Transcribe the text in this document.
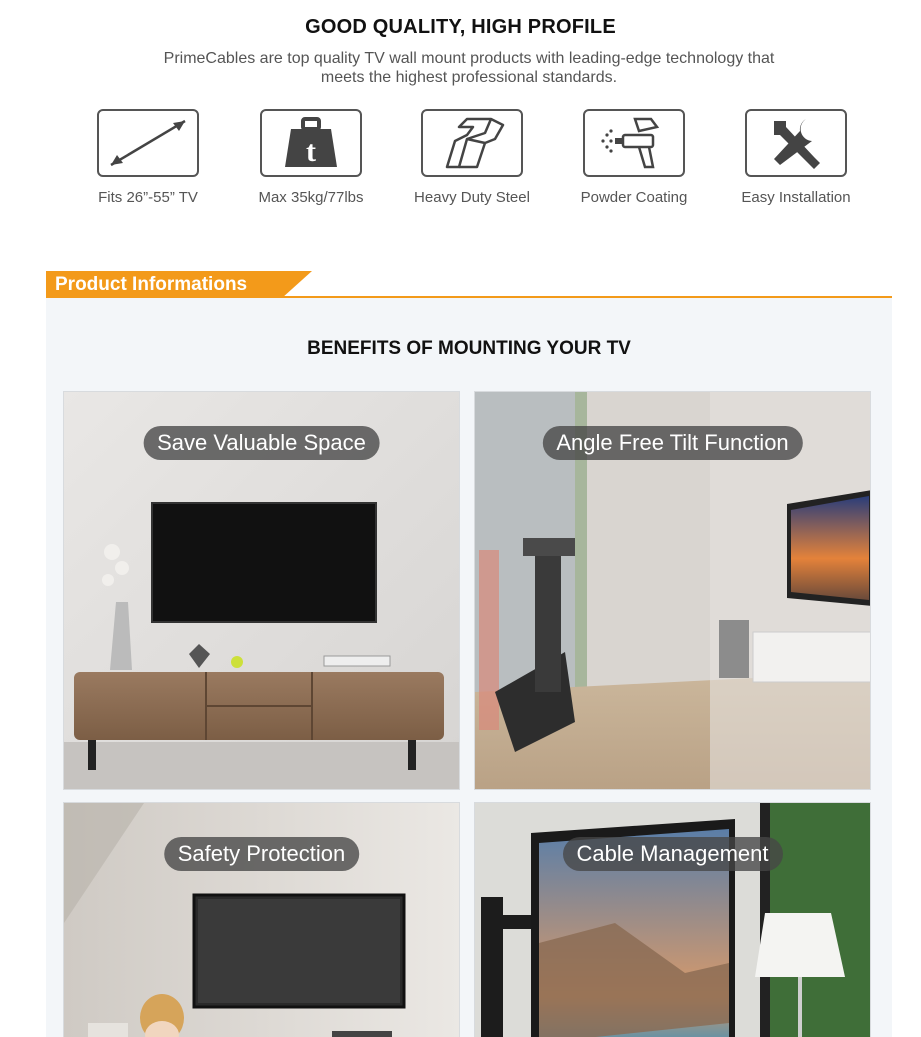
GOOD QUALITY, HIGH PROFILE
PrimeCables are top quality TV wall mount products with leading-edge technology that meets the highest professional standards.
Fits 26”-55” TV
t
Max 35kg/77lbs	Heavy Duty Steel	Powder Coating	Easy Installation
Product Informations
BENEFITS OF MOUNTING YOUR TV
Save Valuable Space	Angle Free Tilt Function
Safety Protection	Cable Management
